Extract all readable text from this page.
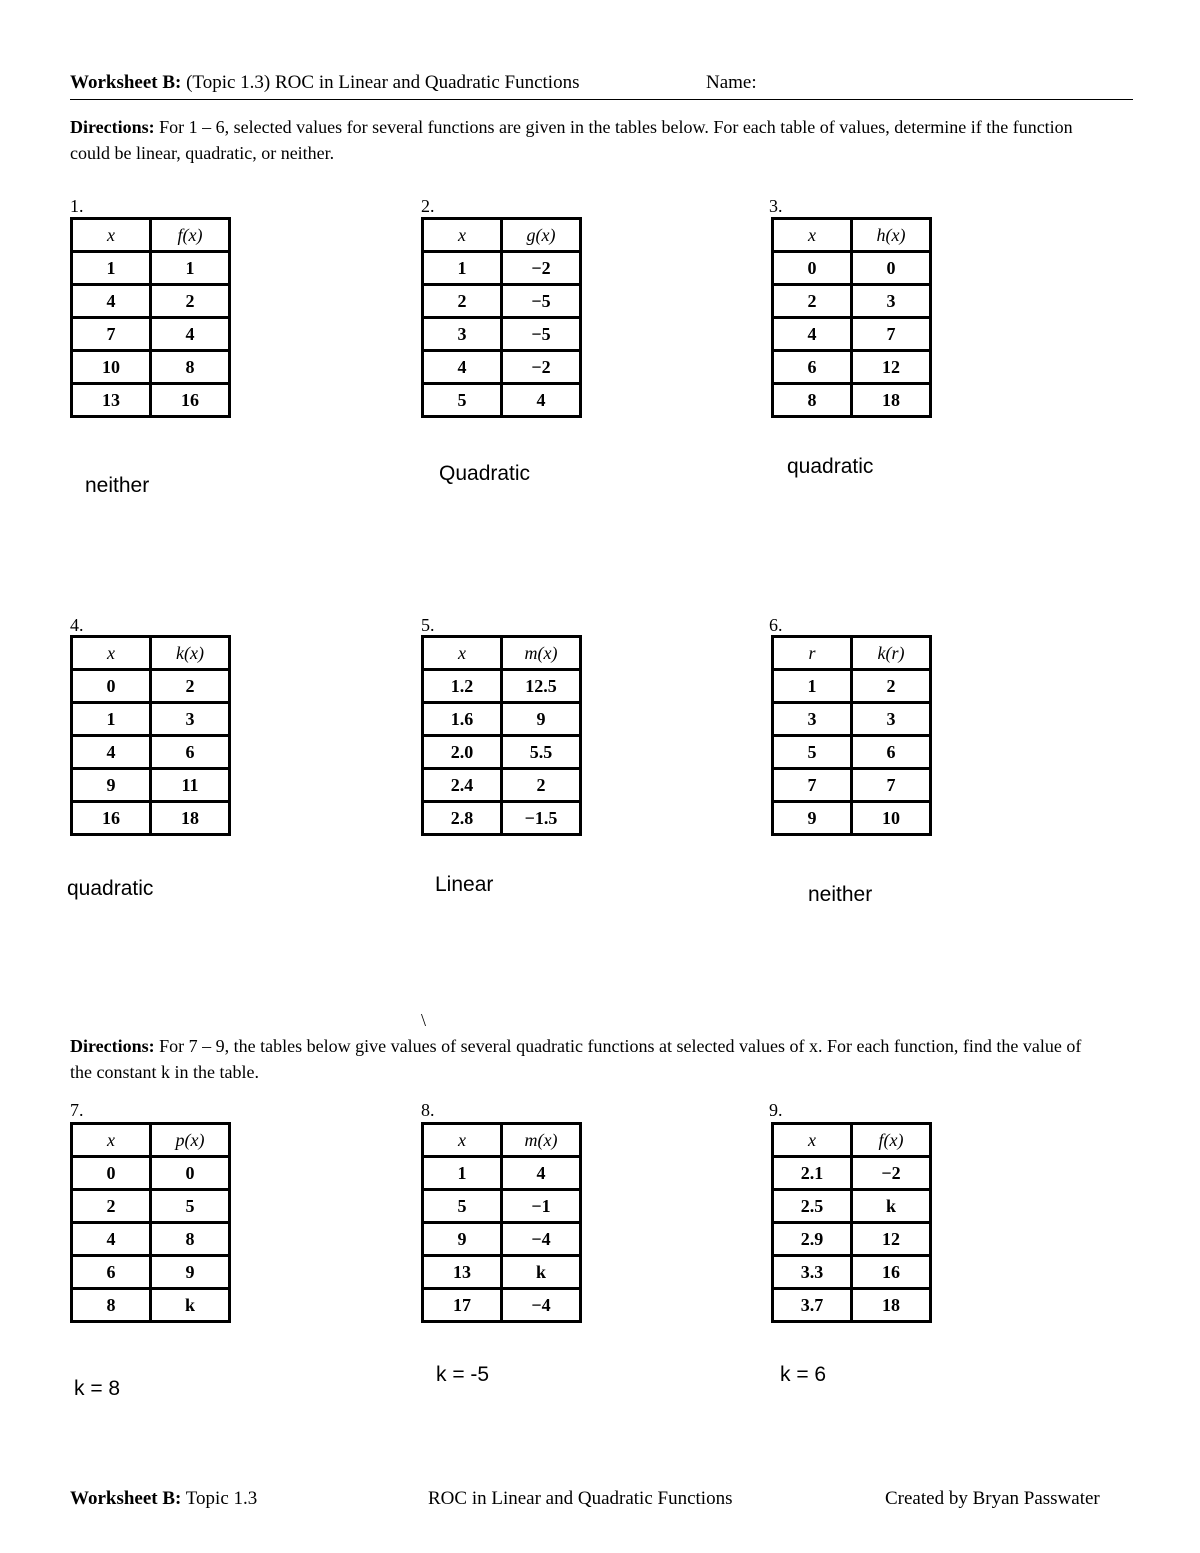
Worksheet B: (Topic 1.3) ROC in Linear and Quadratic Functions	Name:
Directions: For 1 – 6, selected values for several functions are given in the tables below. For each table of values, determine if the function could be linear, quadratic, or neither.
1.
x	f(x)
1	1
4	2
7	4
10	8
13	16
neither
2.
x	g(x)
1	−2
2	−5
3	−5
4	−2
5	4
Quadratic
3.
x	h(x)
0	0
2	3
4	7
6	12
8	18
quadratic
4.
x	k(x)
0	2
1	3
4	6
9	11
16	18
quadratic
5.
x	m(x)
1.2	12.5
1.6	9
2.0	5.5
2.4	2
2.8	−1.5
Linear
6.
r	k(r)
1	2
3	3
5	6
7	7
9	10
neither
7.
x	p(x)
0	0
2	5
4	8
6	9
8	k
k = 8
8.
x	m(x)
1	4
5	−1
9	−4
13	k
17	−4
k = -5
9.
x	f(x)
2.1	−2
2.5	k
2.9	12
3.3	16
3.7	18
k = 6
\
Directions: For 7 – 9, the tables below give values of several quadratic functions at selected values of x. For each function, find the value of the constant k in the table.
Worksheet B: Topic 1.3	ROC in Linear and Quadratic Functions	Created by Bryan Passwater
